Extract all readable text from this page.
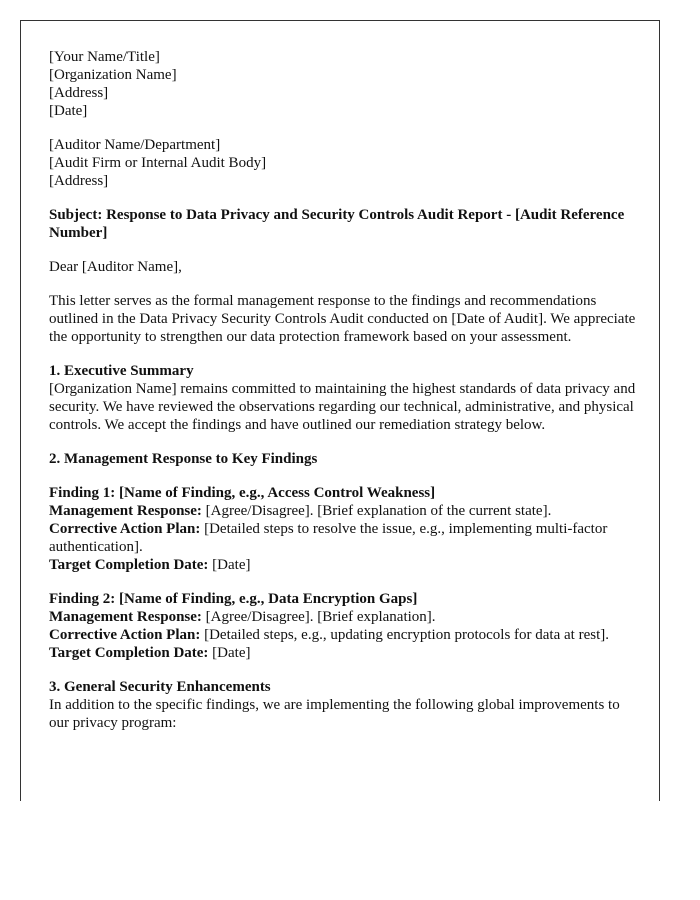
[Your Name/Title]
[Organization Name]
[Address]
[Date]
[Auditor Name/Department]
[Audit Firm or Internal Audit Body]
[Address]

Subject: Response to Data Privacy and Security Controls Audit Report - [Audit Reference Number]

Dear [Auditor Name],

This letter serves as the formal management response to the findings and recommendations outlined in the Data Privacy Security Controls Audit conducted on [Date of Audit]. We appreciate the opportunity to strengthen our data protection framework based on your assessment.

1. Executive Summary
[Organization Name] remains committed to maintaining the highest standards of data privacy and security. We have reviewed the observations regarding our technical, administrative, and physical controls. We accept the findings and have outlined our remediation strategy below.

2. Management Response to Key Findings

Finding 1: [Name of Finding, e.g., Access Control Weakness]
Management Response: [Agree/Disagree]. [Brief explanation of the current state].
Corrective Action Plan: [Detailed steps to resolve the issue, e.g., implementing multi-factor authentication].
Target Completion Date: [Date]
Finding 2: [Name of Finding, e.g., Data Encryption Gaps]
Management Response: [Agree/Disagree]. [Brief explanation].
Corrective Action Plan: [Detailed steps, e.g., updating encryption protocols for data at rest].
Target Completion Date: [Date]
3. General Security Enhancements
In addition to the specific findings, we are implementing the following global improvements to our privacy program:
